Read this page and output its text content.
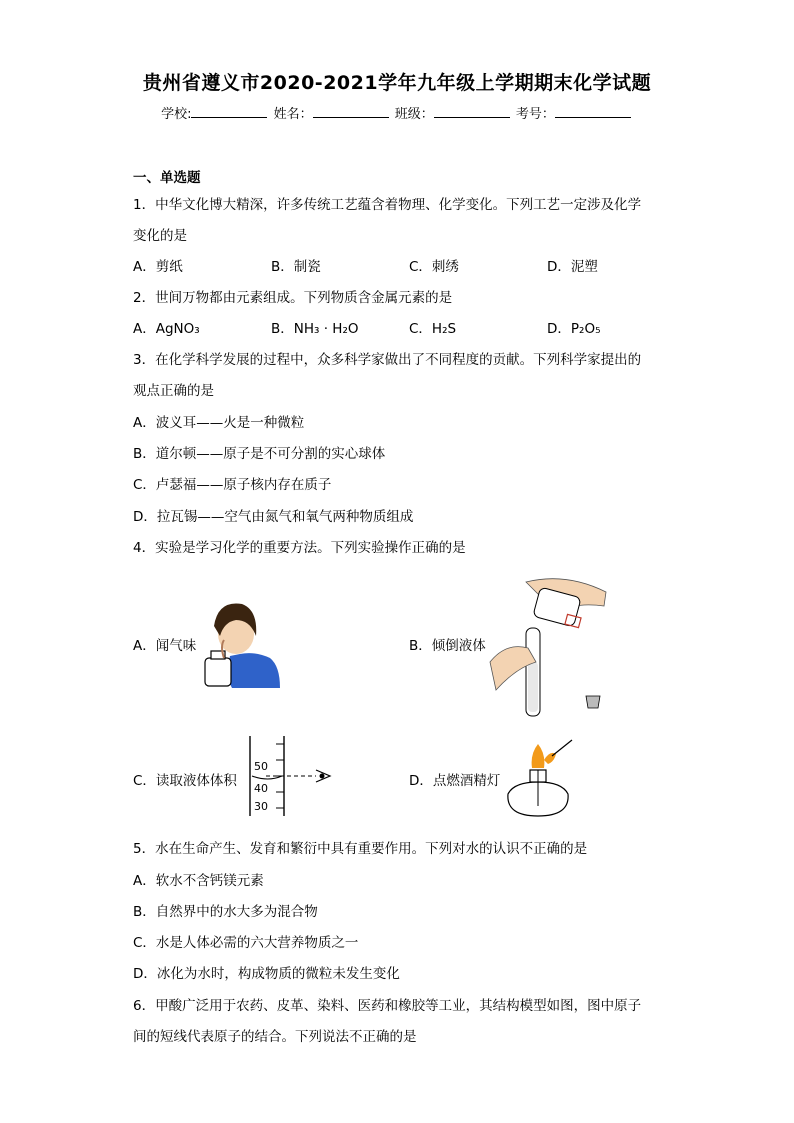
贵州省遵义市2020-2021学年九年级上学期期末化学试题
学校:	姓名：	班级：	考号：
一、单选题
1．中华文化博大精深，许多传统工艺蕴含着物理、化学变化。下列工艺一定涉及化学
变化的是
A．剪纸	B．制瓷	C．刺绣	D．泥塑
2．世间万物都由元素组成。下列物质含金属元素的是
A．AgNO₃	B．NH₃ · H₂O	C．H₂S	D．P₂O₅
3．在化学科学发展的过程中，众多科学家做出了不同程度的贡献。下列科学家提出的
观点正确的是
A．波义耳——火是一种微粒
B．道尔顿——原子是不可分割的实心球体
C．卢瑟福——原子核内存在质子
D．拉瓦锡——空气由氮气和氧气两种物质组成
4．实验是学习化学的重要方法。下列实验操作正确的是
A．闻气味	B．倾倒液体
C．读取液体体积	D．点燃酒精灯
50
40
30
5．水在生命产生、发育和繁衍中具有重要作用。下列对水的认识不正确的是
A．软水不含钙镁元素
B．自然界中的水大多为混合物
C．水是人体必需的六大营养物质之一
D．冰化为水时，构成物质的微粒未发生变化
6．甲酸广泛用于农药、皮革、染料、医药和橡胶等工业，其结构模型如图，图中原子
间的短线代表原子的结合。下列说法不正确的是
